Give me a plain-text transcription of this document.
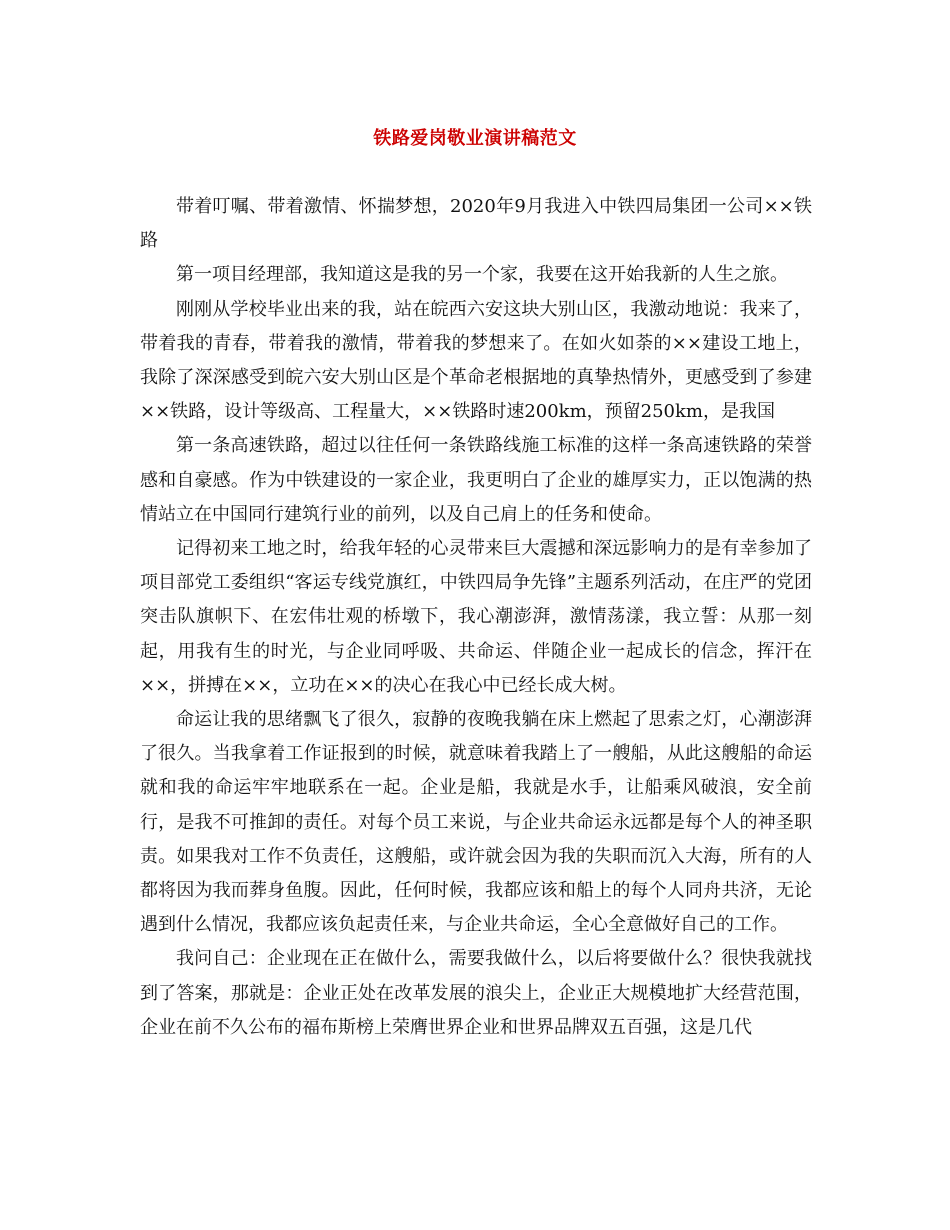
铁路爱岗敬业演讲稿范文

带着叮嘱、带着激情、怀揣梦想，2020年9月我进入中铁四局集团一公司××铁路

第一项目经理部，我知道这是我的另一个家，我要在这开始我新的人生之旅。

刚刚从学校毕业出来的我，站在皖西六安这块大别山区，我激动地说：我来了，带着我的青春，带着我的激情，带着我的梦想来了。在如火如荼的××建设工地上，我除了深深感受到皖六安大别山区是个革命老根据地的真挚热情外，更感受到了参建××铁路，设计等级高、工程量大，××铁路时速200km，预留250km，是我国

第一条高速铁路，超过以往任何一条铁路线施工标准的这样一条高速铁路的荣誉感和自豪感。作为中铁建设的一家企业，我更明白了企业的雄厚实力，正以饱满的热情站立在中国同行建筑行业的前列，以及自己肩上的任务和使命。

记得初来工地之时，给我年轻的心灵带来巨大震撼和深远影响力的是有幸参加了项目部党工委组织“客运专线党旗红，中铁四局争先锋”主题系列活动，在庄严的党团突击队旗帜下、在宏伟壮观的桥墩下，我心潮澎湃，激情荡漾，我立誓：从那一刻起，用我有生的时光，与企业同呼吸、共命运、伴随企业一起成长的信念，挥汗在××，拼搏在××，立功在××的决心在我心中已经长成大树。

命运让我的思绪飘飞了很久，寂静的夜晚我躺在床上燃起了思索之灯，心潮澎湃了很久。当我拿着工作证报到的时候，就意味着我踏上了一艘船，从此这艘船的命运就和我的命运牢牢地联系在一起。企业是船，我就是水手，让船乘风破浪，安全前行，是我不可推卸的责任。对每个员工来说，与企业共命运永远都是每个人的神圣职责。如果我对工作不负责任，这艘船，或许就会因为我的失职而沉入大海，所有的人都将因为我而葬身鱼腹。因此，任何时候，我都应该和船上的每个人同舟共济，无论遇到什么情况，我都应该负起责任来，与企业共命运，全心全意做好自己的工作。

我问自己：企业现在正在做什么，需要我做什么，以后将要做什么？很快我就找到了答案，那就是：企业正处在改革发展的浪尖上，企业正大规模地扩大经营范围，企业在前不久公布的福布斯榜上荣膺世界企业和世界品牌双五百强，这是几代
